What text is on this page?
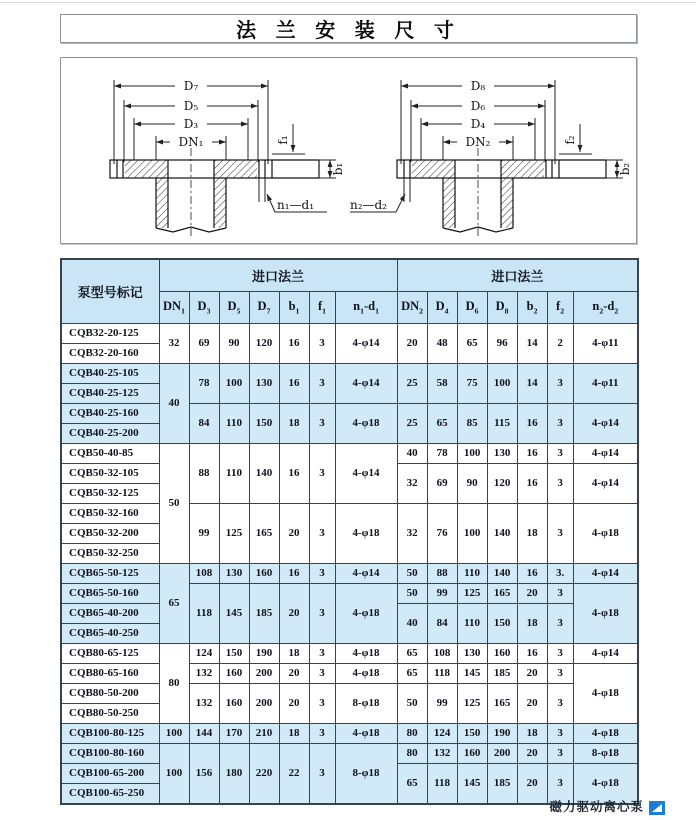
法 兰 安 装 尺 寸
D₇
D₅
D₃
DN₁	f₁
b₁
n₁—d₁
D₈
D₆
D₄
DN₂	f₂
b₂
n₂—d₂
泵型号标记	进口法兰							进口法兰						
	$DN_1$	$D_3$	$D_5$	$D_7$	$b_1$	$f_1$	$n_1-d_1$	$DN_2$	$D_4$	$D_6$	$D_8$	$b_2$	$f_2$	$n_2-d_2$
CQB32-20-125	32	69	90	120	16	3	4-φ14	20	48	65	96	14	2	4-φ11
CQB32-20-160														
CQB40-25-105	40	78	100	130	16	3	4-φ14	25	58	75	100	14	3	4-φ11
CQB40-25-125														
CQB40-25-160		84	110	150	18	3	4-φ18	25	65	85	115	16	3	4-φ14
CQB40-25-200														
CQB50-40-85	50	88	110	140	16	3	4-φ14	40	78	100	130	16	3	4-φ14
CQB50-32-105								32	69	90	120	16	3	4-φ14
CQB50-32-125														
CQB50-32-160		99	125	165	20	3	4-φ18	32	76	100	140	18	3	4-φ18
CQB50-32-200														
CQB50-32-250														
CQB65-50-125	65	108	130	160	16	3	4-φ14	50	88	110	140	16	3.	4-φ14
CQB65-50-160		118	145	185	20	3	4-φ18	50	99	125	165	20	3	4-φ18
CQB65-40-200								40	84	110	150	18	3	
CQB65-40-250														
CQB80-65-125	80	124	150	190	18	3	4-φ18	65	108	130	160	16	3	4-φ14
CQB80-65-160		132	160	200	20	3	4-φ18	65	118	145	185	20	3	4-φ18
CQB80-50-200		132	160	200	20	3	8-φ18	50	99	125	165	20	3	
CQB80-50-250														
CQB100-80-125	100	144	170	210	18	3	4-φ18	80	124	150	190	18	3	4-φ18
CQB100-80-160	100	156	180	220	22	3	8-φ18	80	132	160	200	20	3	8-φ18
CQB100-65-200								65	118	145	185	20	3	4-φ18
CQB100-65-250														
磁力驱动离心泵
